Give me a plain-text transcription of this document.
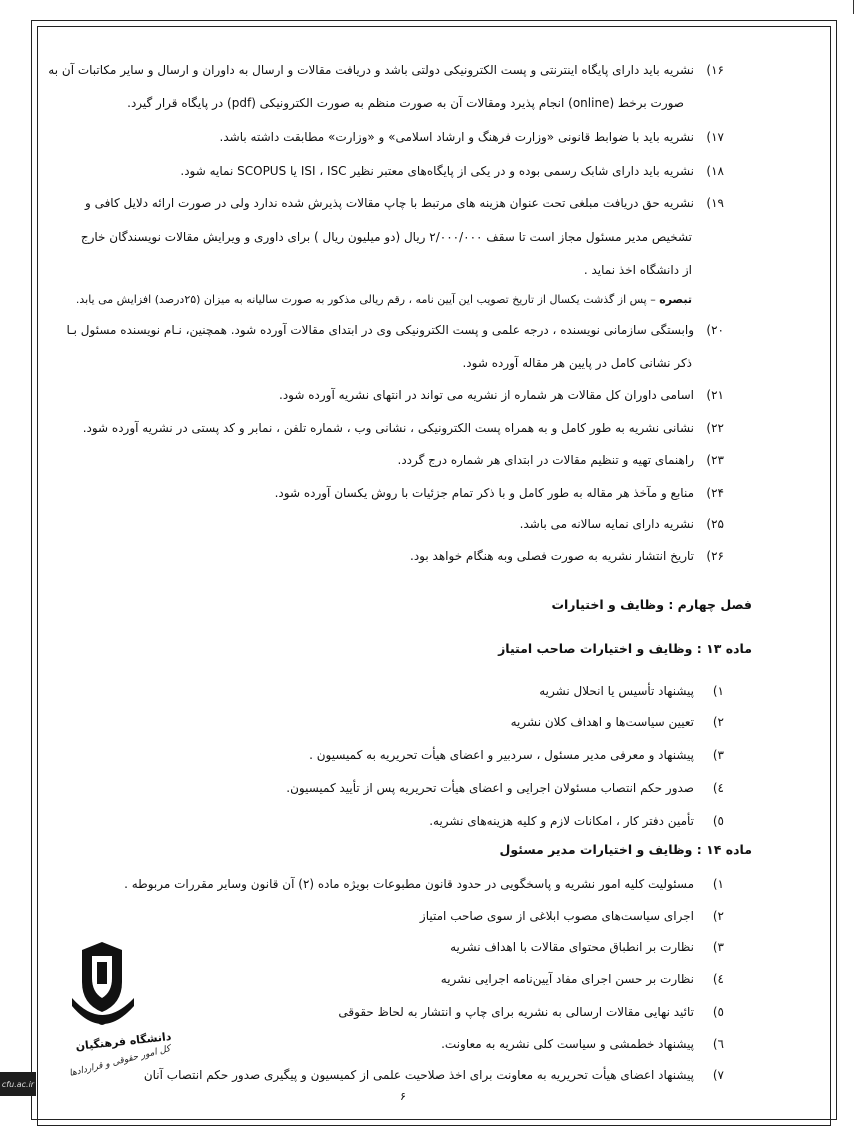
۱۶)نشریه باید دارای پایگاه اینترنتی و پست الکترونیکی دولتی باشد و دریافت مقالات و ارسال به داوران و ارسال و سایر مکاتبات آن به
صورت برخط (online) انجام پذیرد ومقالات آن به صورت منظم به صورت الکترونیکی (pdf) در پایگاه قرار گیرد.
۱۷)نشریه باید با ضوابط قانونی «وزارت فرهنگ و ارشاد اسلامی» و «وزارت» مطابقت داشته باشد.
۱۸)نشریه باید دارای شابک رسمی بوده و در یکی از پایگاه‌های معتبر نظیر ISI ، ISC یا SCOPUS نمایه شود.
۱۹)نشریه حق دریافت مبلغی تحت عنوان هزینه های مرتبط با چاپ مقالات پذیرش شده ندارد ولی در صورت ارائه دلایل کافی و
تشخیص مدیر مسئول مجاز است تا سقف ۲/۰۰۰/۰۰۰ ریال (دو میلیون ریال ) برای داوری و ویرایش مقالات نویسندگان خارج
از دانشگاه اخذ نماید .
تبصره – پس از گذشت یکسال از تاریخ تصویب این آیین نامه ، رقم ریالی مذکور به صورت سالیانه به میزان (۲۵درصد) افزایش می یابد.
۲۰)وابستگی سازمانی نویسنده ، درجه علمی و پست الکترونیکی وی در ابتدای مقالات آورده شود. همچنین، نـام نویسنده مسئول بـا
ذکر نشانی کامل در پایین هر مقاله آورده شود.
۲۱)اسامی داوران کل مقالات هر شماره از نشریه می تواند در انتهای نشریه آورده شود.
۲۲)نشانی نشریه به طور کامل و به همراه پست الکترونیکی ، نشانی وب ، شماره تلفن ، نمابر و کد پستی در نشریه آورده شود.
۲۳)راهنمای تهیه و تنظیم مقالات در ابتدای هر شماره درج گردد.
۲۴)منابع و مآخذ هر مقاله به طور کامل و با ذکر تمام جزئیات با روش یکسان آورده شود.
۲۵)نشریه دارای نمایه سالانه می باشد.
۲۶)تاریخ انتشار نشریه به صورت فصلی وبه هنگام خواهد بود.
فصل چهارم : وظایف و اختیارات
ماده ۱۳ : وظایف و اختیارات صاحب امتیاز
۱)پیشنهاد تأسیس یا انحلال نشریه
۲)تعیین سیاست‌ها و اهداف کلان نشریه
۳)پیشنهاد و معرفی مدیر مسئول ، سردبیر و اعضای هیأت تحریریه به کمیسیون .
٤)صدور حکم انتصاب مسئولان اجرایی و اعضای هیأت تحریریه پس از تأیید کمیسیون.
٥)تأمین دفتر کار ، امکانات لازم و کلیه هزینه‌های نشریه.
ماده ۱۴ : وظایف و اختیارات مدیر مسئول
۱)مسئولیت کلیه امور نشریه و پاسخگویی در حدود قانون مطبوعات بویژه ماده (۲) آن قانون وسایر مقررات مربوطه .
۲)اجرای سیاست‌های مصوب ابلاغی از سوی صاحب امتیاز
۳)نظارت بر انطباق محتوای مقالات با اهداف نشریه
٤)نظارت بر حسن اجرای مفاد آیین‌نامه اجرایی نشریه
٥)تائید نهایی مقالات ارسالی به نشریه برای چاپ و انتشار به لحاظ حقوقی
٦)پیشنهاد خطمشی و سیاست کلی نشریه به معاونت.
۷)پیشنهاد اعضای هیأت تحریریه به معاونت برای اخذ صلاحیت علمی از کمیسیون و پیگیری صدور حکم انتصاب آنان
دانشگاه فرهنگیان
کل امور حقوقی و قراردادها
cfu.ac.ir
۶
